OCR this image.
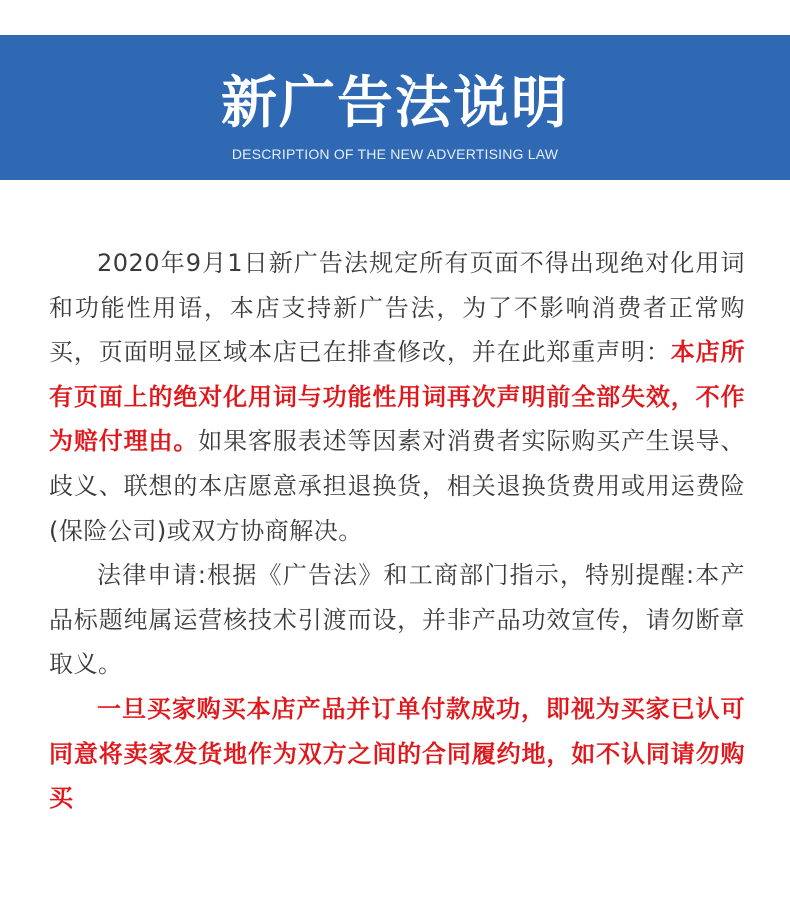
新广告法说明
DESCRIPTION OF THE NEW ADVERTISING LAW

2020年9月1日新广告法规定所有页面不得出现绝对化用词和功能性用语，本店支持新广告法，为了不影响消费者正常购买，页面明显区域本店已在排查修改，并在此郑重声明：本店所有页面上的绝对化用词与功能性用词再次声明前全部失效，不作为赔付理由。如果客服表述等因素对消费者实际购买产生误导、歧义、联想的本店愿意承担退换货，相关退换货费用或用运费险(保险公司)或双方协商解决。

法律申请:根据《广告法》和工商部门指示，特别提醒:本产品标题纯属运营核技术引渡而设，并非产品功效宣传，请勿断章取义。

一旦买家购买本店产品并订单付款成功，即视为买家已认可同意将卖家发货地作为双方之间的合同履约地，如不认同请勿购买
